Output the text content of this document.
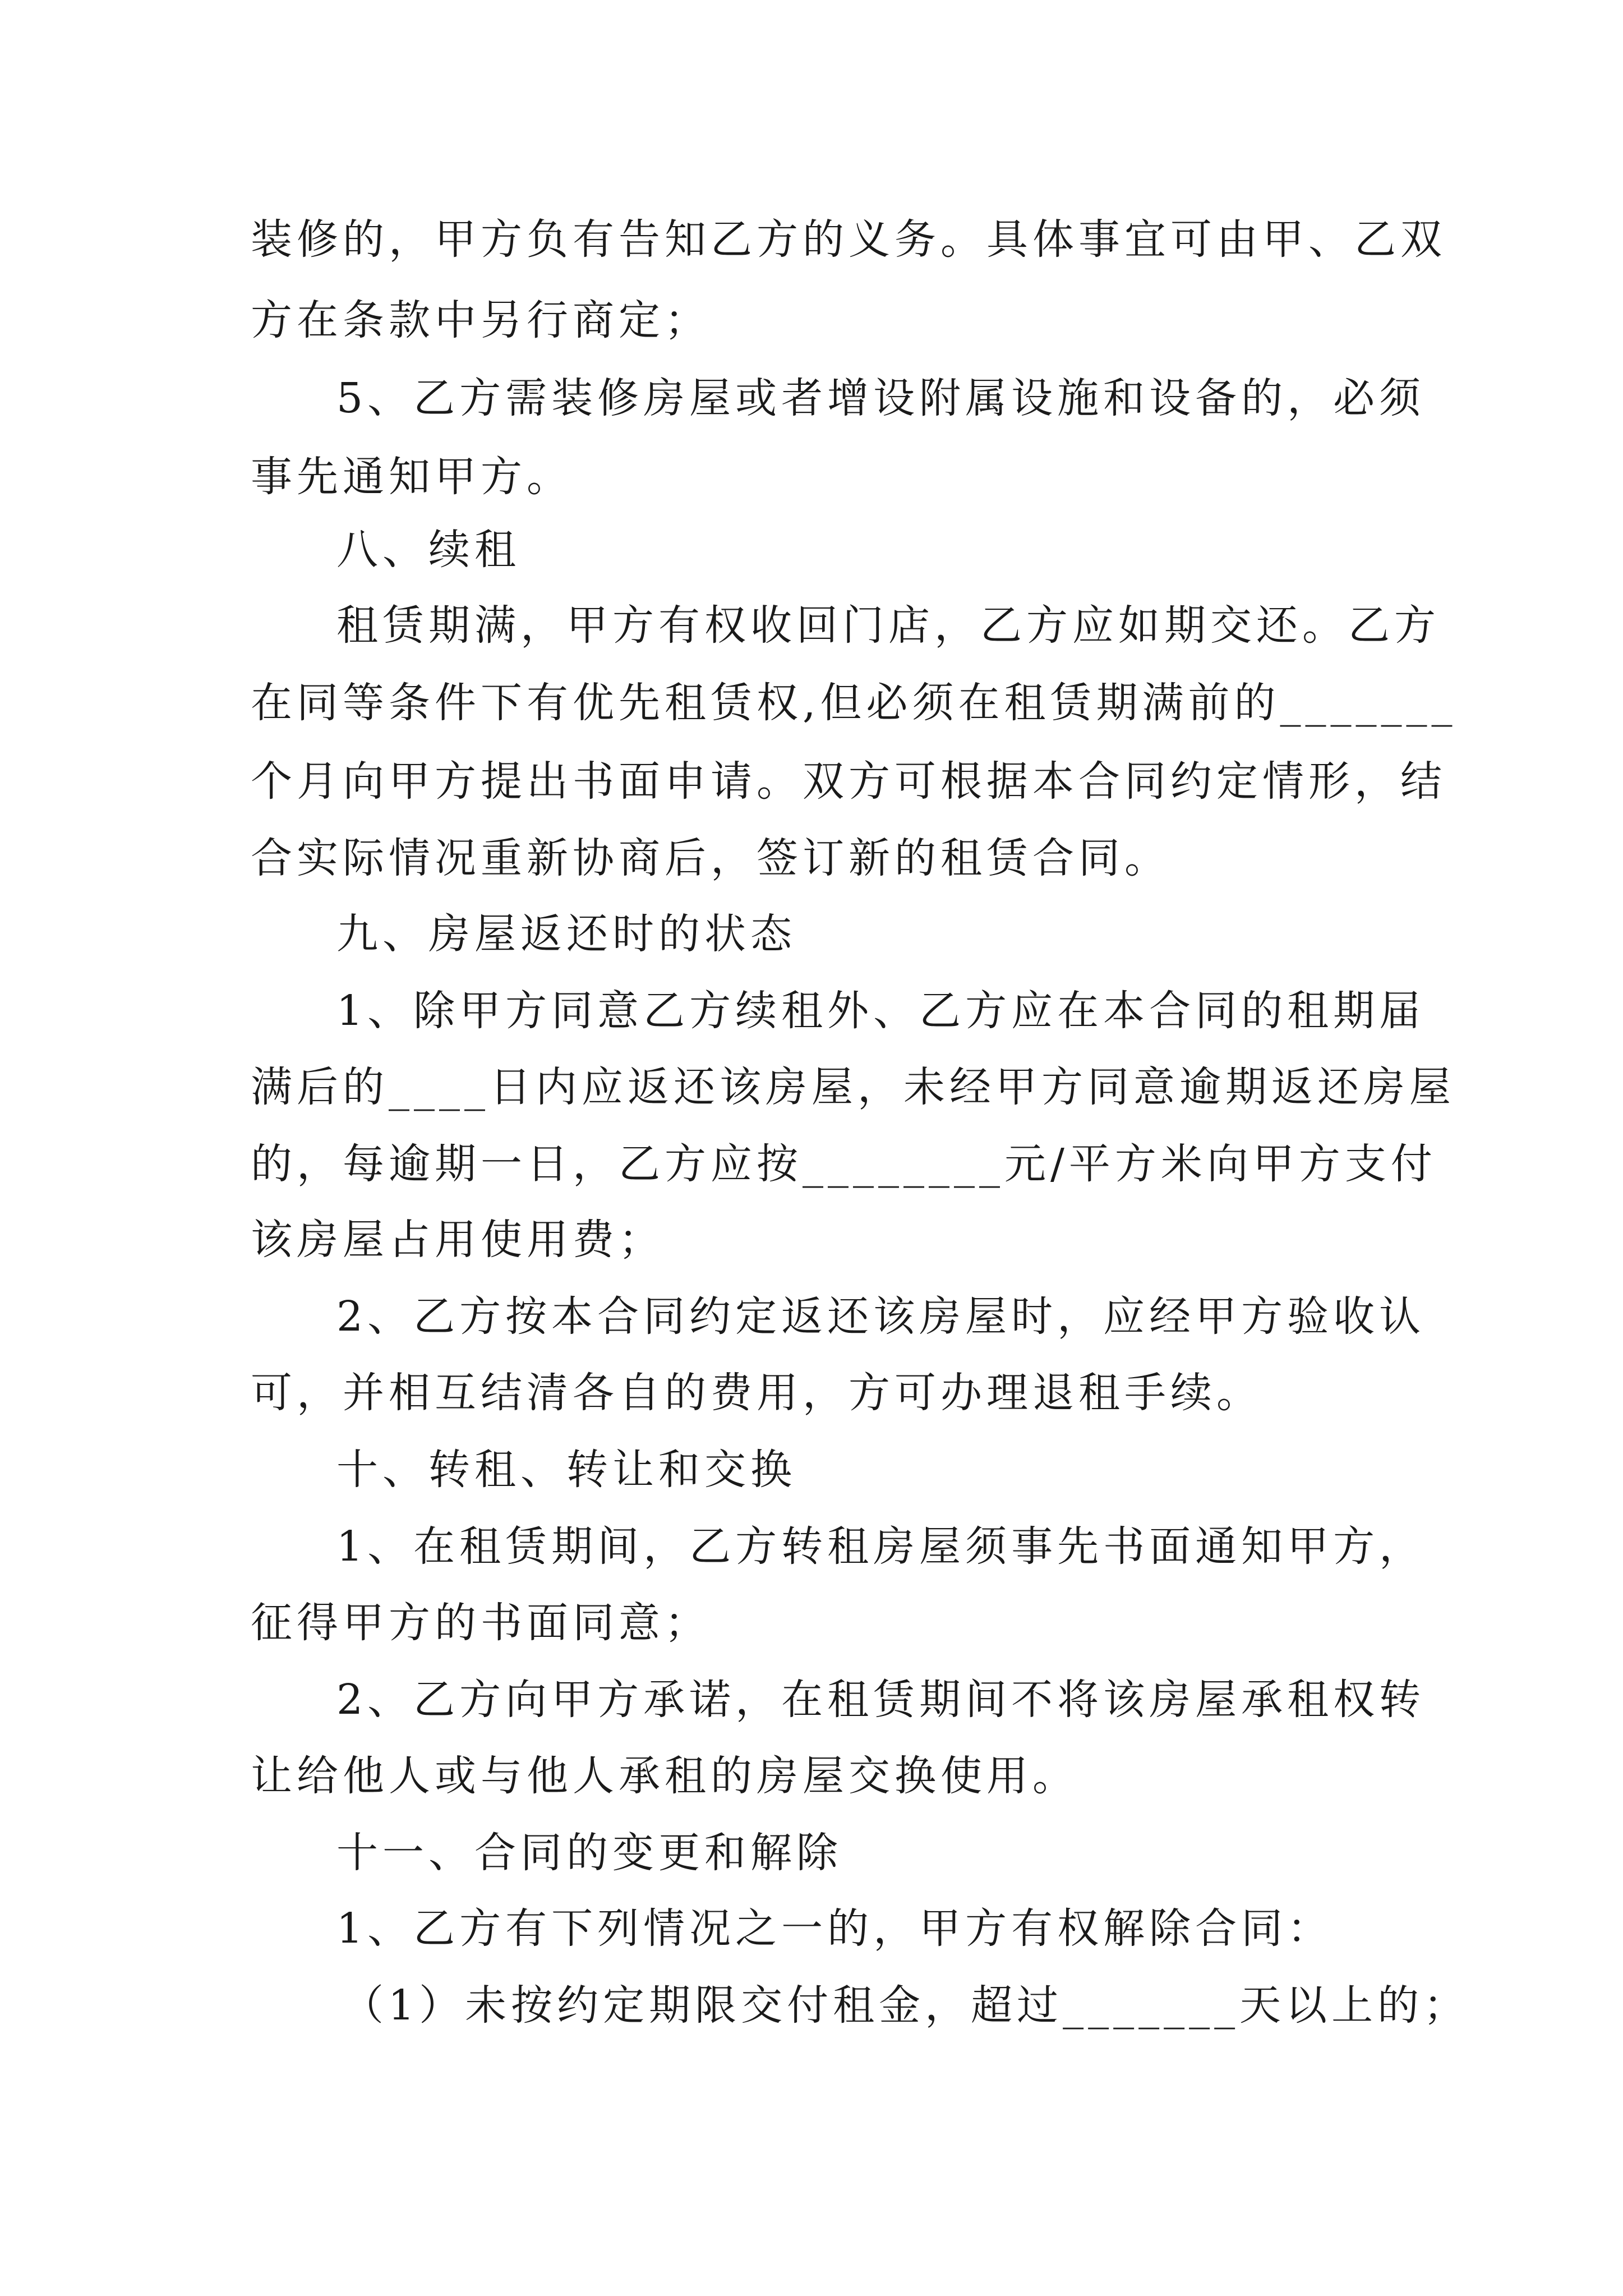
装修的，甲方负有告知乙方的义务。具体事宜可由甲、乙双

方在条款中另行商定；

5、乙方需装修房屋或者增设附属设施和设备的，必须

事先通知甲方。

八、续租

租赁期满，甲方有权收回门店，乙方应如期交还。乙方

在同等条件下有优先租赁权,但必须在租赁期满前的_______

个月向甲方提出书面申请。双方可根据本合同约定情形，结

合实际情况重新协商后，签订新的租赁合同。

九、房屋返还时的状态

1、除甲方同意乙方续租外、乙方应在本合同的租期届

满后的____日内应返还该房屋，未经甲方同意逾期返还房屋

的，每逾期一日，乙方应按________元/平方米向甲方支付

该房屋占用使用费；

2、乙方按本合同约定返还该房屋时，应经甲方验收认

可，并相互结清各自的费用，方可办理退租手续。

十、转租、转让和交换

1、在租赁期间，乙方转租房屋须事先书面通知甲方，

征得甲方的书面同意；

2、乙方向甲方承诺，在租赁期间不将该房屋承租权转

让给他人或与他人承租的房屋交换使用。

十一、合同的变更和解除

1、乙方有下列情况之一的，甲方有权解除合同：

（1）未按约定期限交付租金，超过_______天以上的；
